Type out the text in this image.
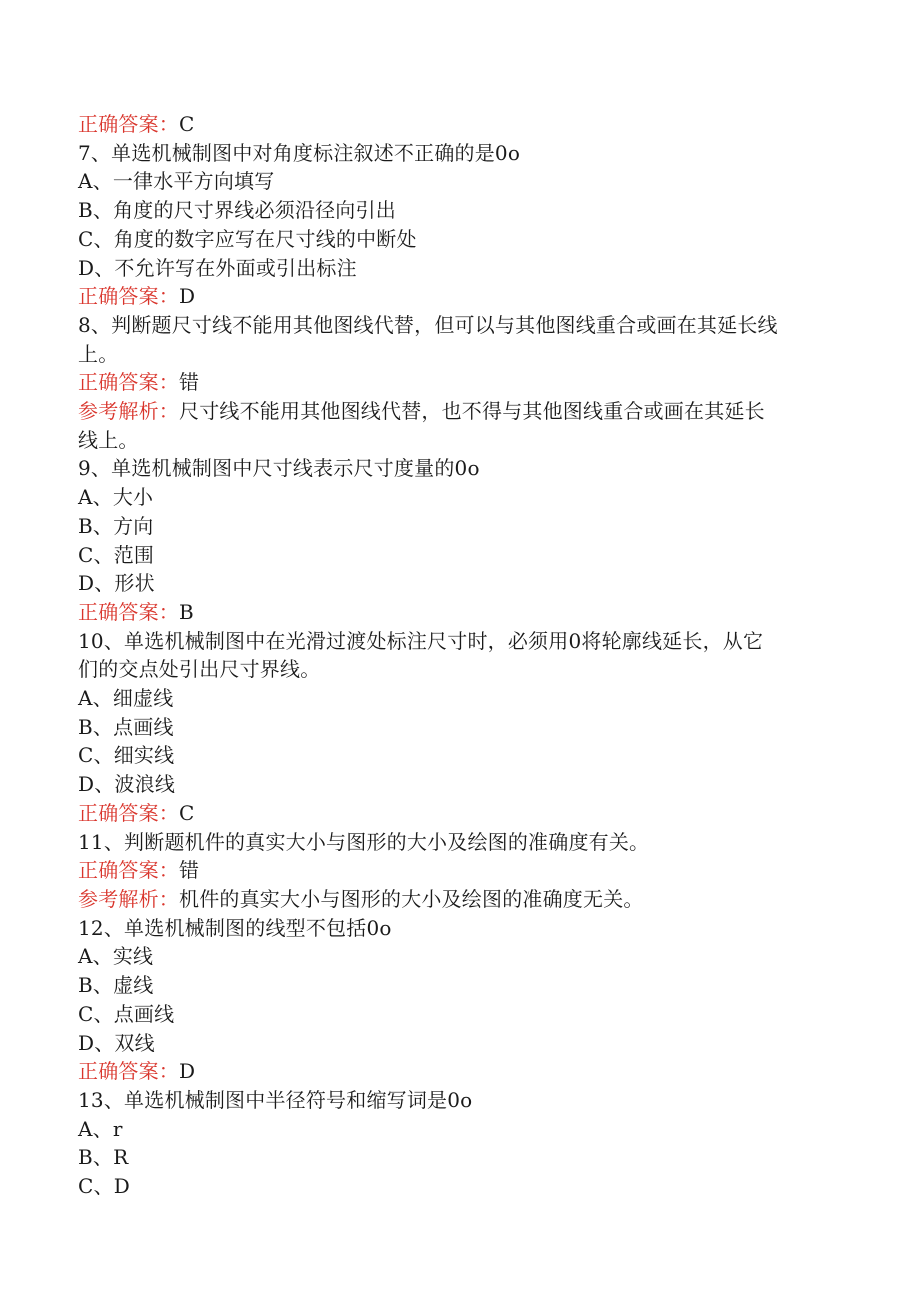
正确答案：C
7、单选机械制图中对角度标注叙述不正确的是0o
A、一律水平方向填写
B、角度的尺寸界线必须沿径向引出
C、角度的数字应写在尺寸线的中断处
D、不允许写在外面或引出标注
正确答案：D
8、判断题尺寸线不能用其他图线代替，但可以与其他图线重合或画在其延长线
上。
正确答案：错
参考解析：尺寸线不能用其他图线代替，也不得与其他图线重合或画在其延长
线上。
9、单选机械制图中尺寸线表示尺寸度量的0o
A、大小
B、方向
C、范围
D、形状
正确答案：B
10、单选机械制图中在光滑过渡处标注尺寸时，必须用0将轮廓线延长，从它
们的交点处引出尺寸界线。
A、细虚线
B、点画线
C、细实线
D、波浪线
正确答案：C
11、判断题机件的真实大小与图形的大小及绘图的准确度有关。
正确答案：错
参考解析：机件的真实大小与图形的大小及绘图的准确度无关。
12、单选机械制图的线型不包括0o
A、实线
B、虚线
C、点画线
D、双线
正确答案：D
13、单选机械制图中半径符号和缩写词是0o
A、r
B、R
C、D
